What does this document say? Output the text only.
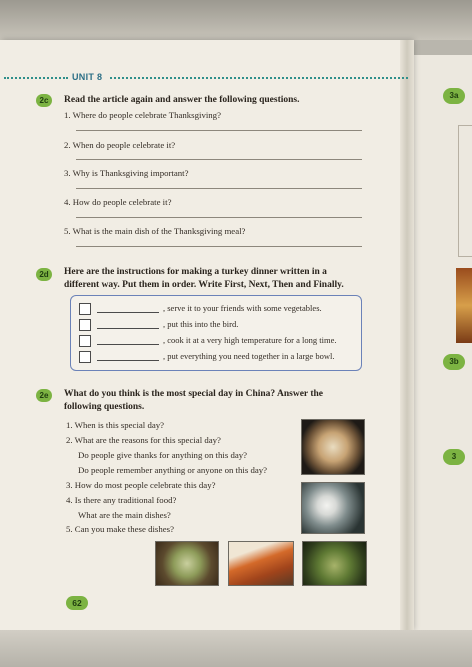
3a
3b
3
UNIT 8
2c	Read the article again and answer the following questions.
1. Where do people celebrate Thanksgiving?
2. When do people celebrate it?
3. Why is Thanksgiving important?
4. How do people celebrate it?
5. What is the main dish of the Thanksgiving meal?
2d	Here are the instructions for making a turkey dinner written in a
different way. Put them in order. Write First, Next, Then and Finally.
, serve it to your friends with some vegetables.
, put this into the bird.
, cook it at a very high temperature for a long time.
, put everything you need together in a large bowl.
2e	What do you think is the most special day in China? Answer the
following questions.
1. When is this special day?
2. What are the reasons for this special day?
Do people give thanks for anything on this day?
Do people remember anything or anyone on this day?
3. How do most people celebrate this day?
4. Is there any traditional food?
What are the main dishes?
5. Can you make these dishes?
62
